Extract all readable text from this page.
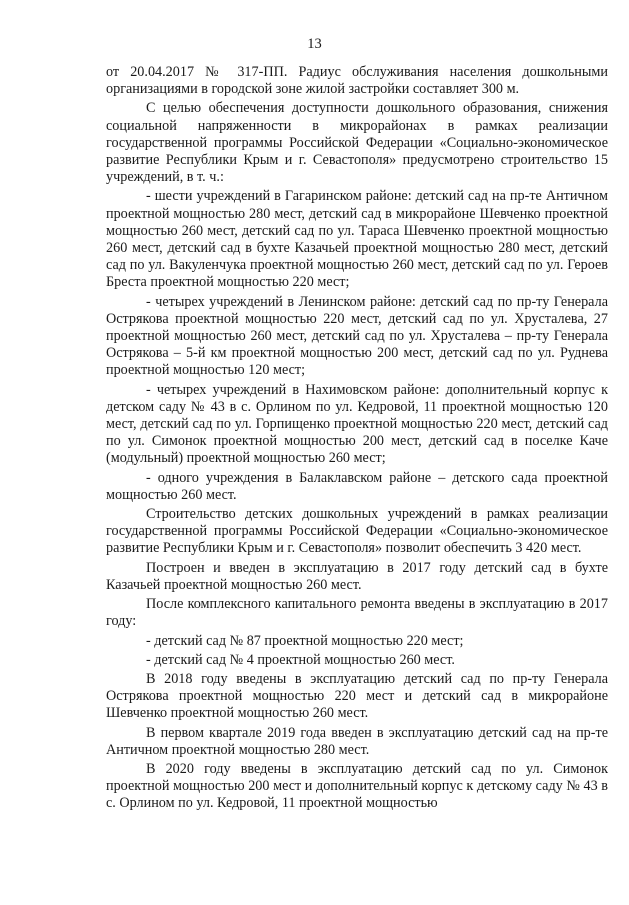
13

от 20.04.2017 № 317-ПП. Радиус обслуживания населения дошкольными организациями в городской зоне жилой застройки составляет 300 м.

С целью обеспечения доступности дошкольного образования, снижения социальной напряженности в микрорайонах в рамках реализации государственной программы Российской Федерации «Социально-экономическое развитие Республики Крым и г. Севастополя» предусмотрено строительство 15 учреждений, в т. ч.:

- шести учреждений в Гагаринском районе: детский сад на пр-те Античном проектной мощностью 280 мест, детский сад в микрорайоне Шевченко проектной мощностью 260 мест, детский сад по ул. Тараса Шевченко проектной мощностью 260 мест, детский сад в бухте Казачьей проектной мощностью 280 мест, детский сад по ул. Вакуленчука проектной мощностью 260 мест, детский сад по ул. Героев Бреста проектной мощностью 220 мест;

- четырех учреждений в Ленинском районе: детский сад по пр-ту Генерала Острякова проектной мощностью 220 мест, детский сад по ул. Хрусталева, 27 проектной мощностью 260 мест, детский сад по ул. Хрусталева – пр-ту Генерала Острякова – 5-й км проектной мощностью 200 мест, детский сад по ул. Руднева проектной мощностью 120 мест;

- четырех учреждений в Нахимовском районе: дополнительный корпус к детском саду № 43 в с. Орлином по ул. Кедровой, 11 проектной мощностью 120 мест, детский сад по ул. Горпищенко проектной мощностью 220 мест, детский сад по ул. Симонок проектной мощностью 200 мест, детский сад в поселке Каче (модульный) проектной мощностью 260 мест;

- одного учреждения в Балаклавском районе – детского сада проектной мощностью 260 мест.

Строительство детских дошкольных учреждений в рамках реализации государственной программы Российской Федерации «Социально-экономическое развитие Республики Крым и г. Севастополя» позволит обеспечить 3 420 мест.

Построен и введен в эксплуатацию в 2017 году детский сад в бухте Казачьей проектной мощностью 260 мест.

После комплексного капитального ремонта введены в эксплуатацию в 2017 году:

- детский сад № 87 проектной мощностью 220 мест;

- детский сад № 4 проектной мощностью 260 мест.

В 2018 году введены в эксплуатацию детский сад по пр-ту Генерала Острякова проектной мощностью 220 мест и детский сад в микрорайоне Шевченко проектной мощностью 260 мест.

В первом квартале 2019 года введен в эксплуатацию детский сад на пр-те Античном проектной мощностью 280 мест.

В 2020 году введены в эксплуатацию детский сад по ул. Симонок проектной мощностью 200 мест и дополнительный корпус к детскому саду № 43 в с. Орлином по ул. Кедровой, 11 проектной мощностью
